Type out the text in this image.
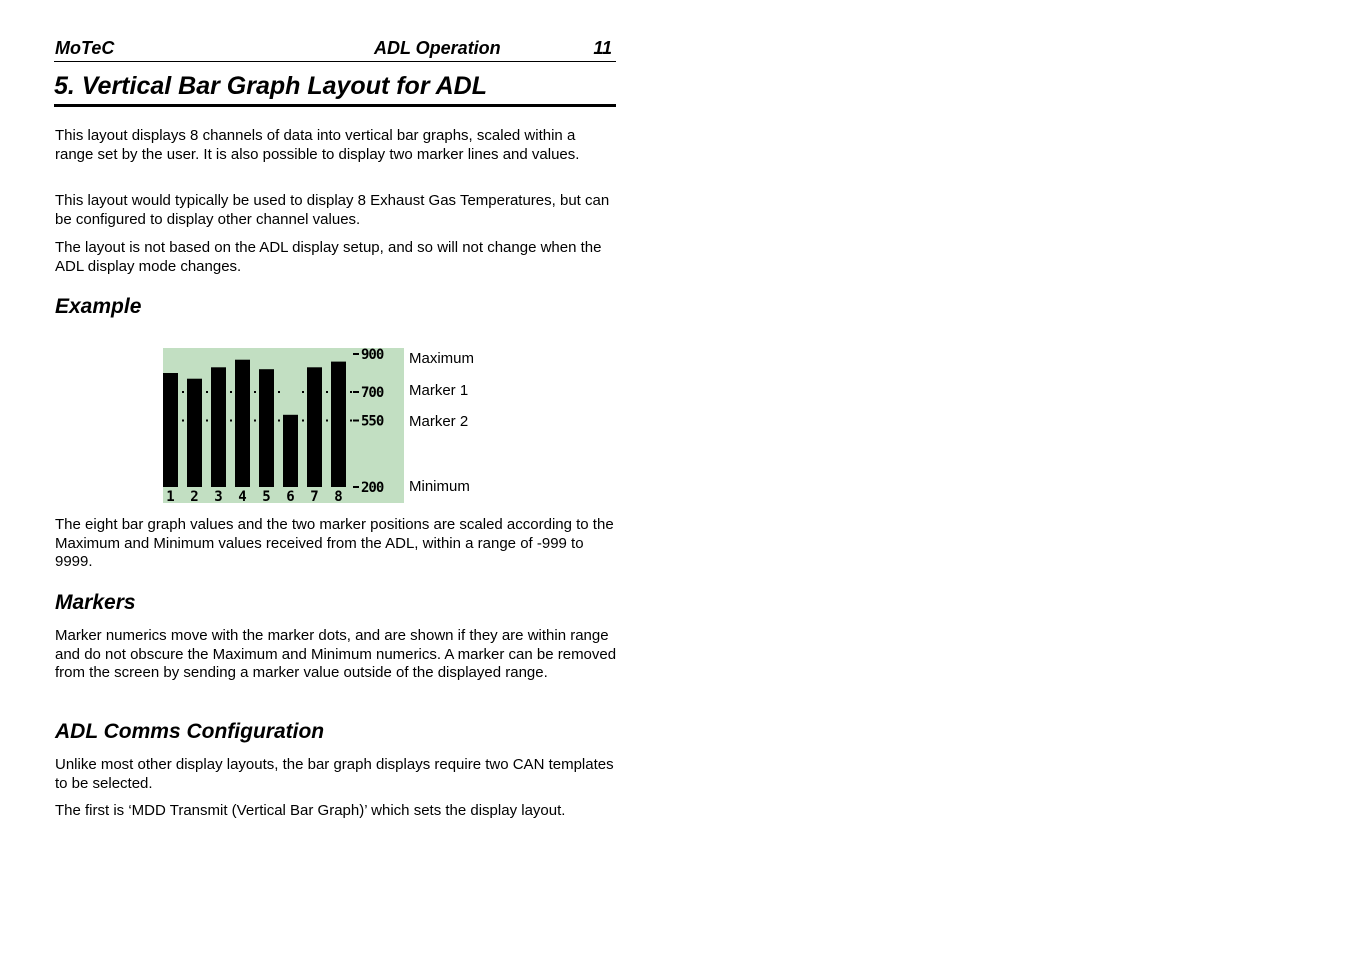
MoTeC	ADL Operation	11
5. Vertical Bar Graph Layout for ADL

This layout displays 8 channels of data into vertical bar graphs, scaled within a range set by the user. It is also possible to display two marker lines and values.

This layout would typically be used to display 8 Exhaust Gas Temperatures, but can be configured to display other channel values.

The layout is not based on the ADL display setup, and so will not change when the ADL display mode changes.

Example
900
700
550
200
1 2 3 4 5 6 7 8
Maximum
Marker 1
Marker 2
Minimum

The eight bar graph values and the two marker positions are scaled according to the Maximum and Minimum values received from the ADL, within a range of -999 to 9999.

Markers

Marker numerics move with the marker dots, and are shown if they are within range and do not obscure the Maximum and Minimum numerics. A marker can be removed from the screen by sending a marker value outside of the displayed range.

ADL Comms Configuration

Unlike most other display layouts, the bar graph displays require two CAN templates to be selected.

The first is ‘MDD Transmit (Vertical Bar Graph)’ which sets the display layout.
